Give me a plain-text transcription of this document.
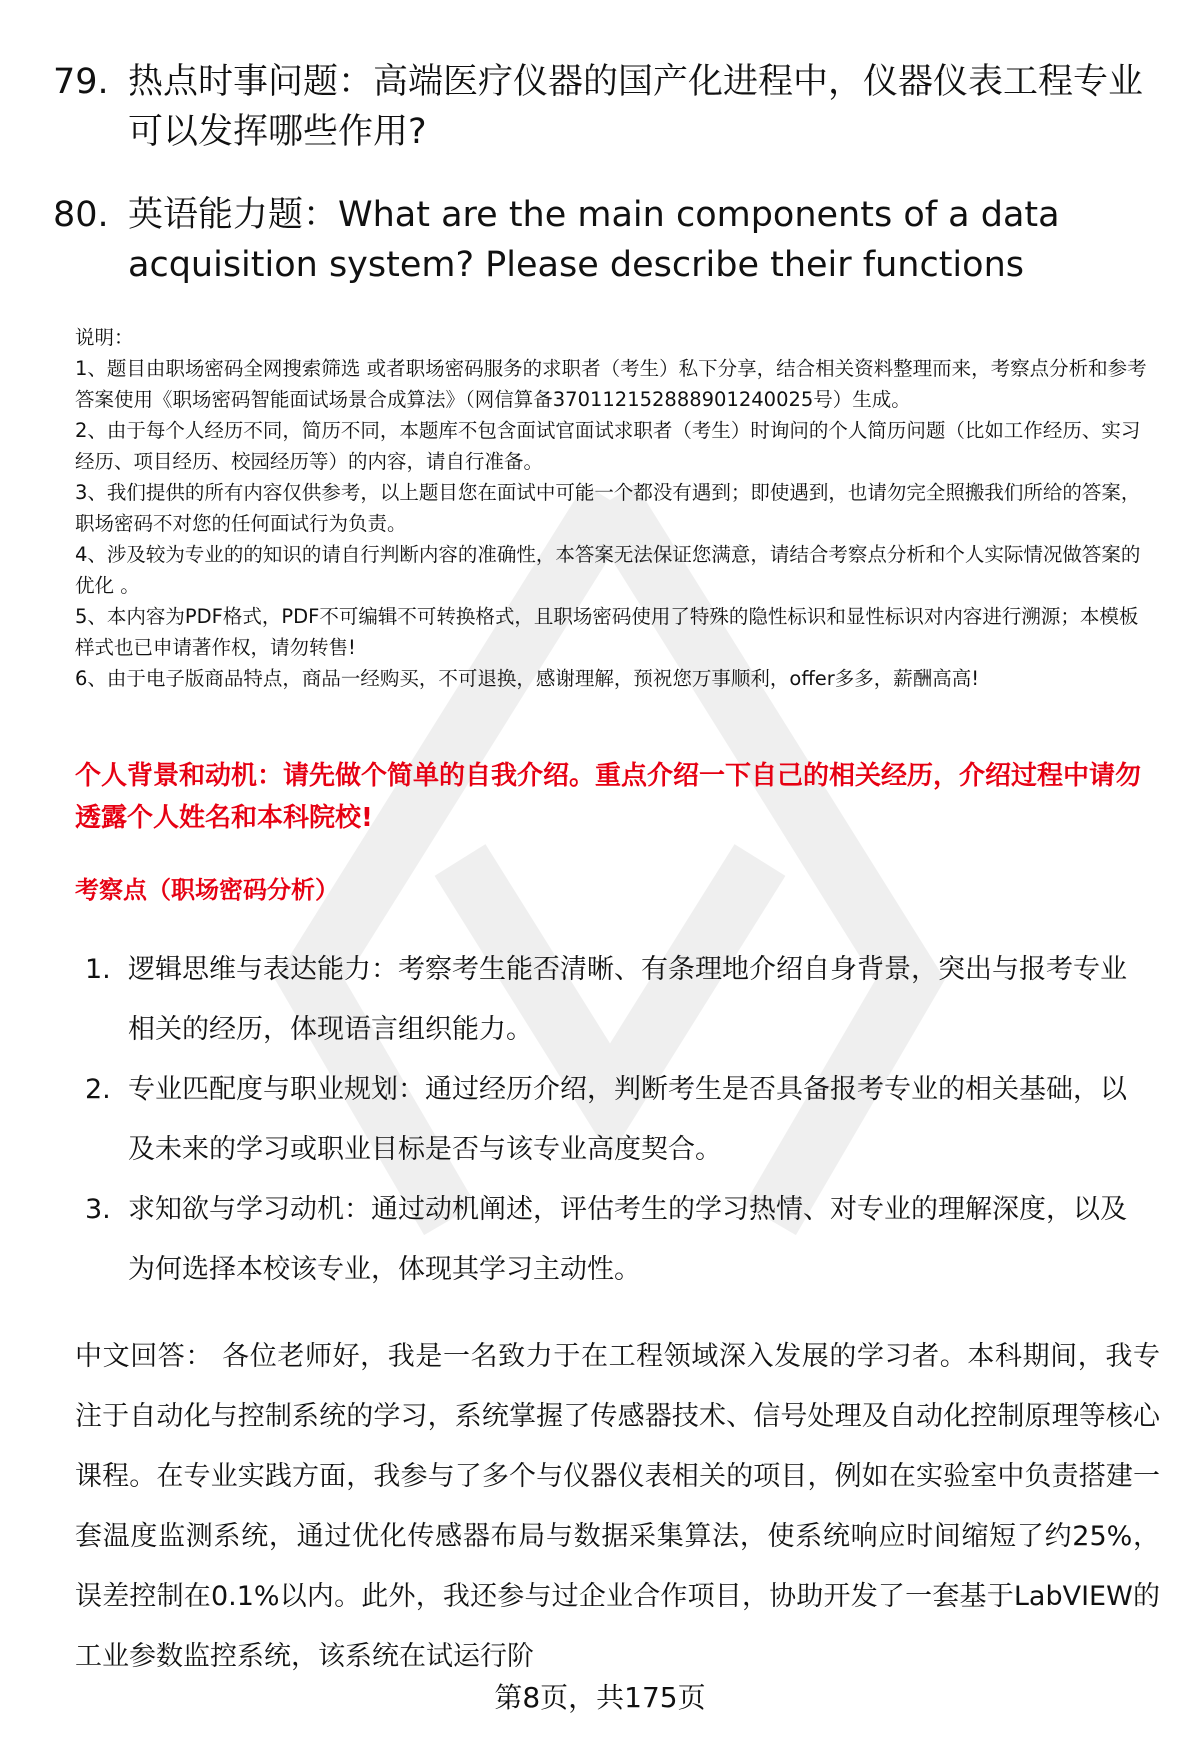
79. 热点时事问题：高端医疗仪器的国产化进程中，仪器仪表工程专业可以发挥哪些作用?
80. 英语能力题：What are the main components of a data acquisition system? Please describe their functions
说明：
1、题目由职场密码全网搜索筛选 或者职场密码服务的求职者（考生）私下分享，结合相关资料整理而来，考察点分析和参考答案使用《职场密码智能面试场景合成算法》（网信算备370112152888901240025号）生成。
2、由于每个人经历不同，简历不同，本题库不包含面试官面试求职者（考生）时询问的个人简历问题（比如工作经历、实习经历、项目经历、校园经历等）的内容，请自行准备。
3、我们提供的所有内容仅供参考，以上题目您在面试中可能一个都没有遇到；即使遇到，也请勿完全照搬我们所给的答案，职场密码不对您的任何面试行为负责。
4、涉及较为专业的的知识的请自行判断内容的准确性，本答案无法保证您满意，请结合考察点分析和个人实际情况做答案的优化 。
5、本内容为PDF格式，PDF不可编辑不可转换格式，且职场密码使用了特殊的隐性标识和显性标识对内容进行溯源；本模板样式也已申请著作权，请勿转售!
6、由于电子版商品特点，商品一经购买，不可退换，感谢理解，预祝您万事顺利，offer多多，薪酬高高!
个人背景和动机：请先做个简单的自我介绍。重点介绍一下自己的相关经历，介绍过程中请勿透露个人姓名和本科院校!
考察点（职场密码分析）
1. 逻辑思维与表达能力：考察考生能否清晰、有条理地介绍自身背景，突出与报考专业相关的经历，体现语言组织能力。
2. 专业匹配度与职业规划：通过经历介绍，判断考生是否具备报考专业的相关基础，以及未来的学习或职业目标是否与该专业高度契合。
3. 求知欲与学习动机：通过动机阐述，评估考生的学习热情、对专业的理解深度，以及为何选择本校该专业，体现其学习主动性。
中文回答： 各位老师好，我是一名致力于在工程领域深入发展的学习者。本科期间，我专注于自动化与控制系统的学习，系统掌握了传感器技术、信号处理及自动化控制原理等核心课程。在专业实践方面，我参与了多个与仪器仪表相关的项目，例如在实验室中负责搭建一套温度监测系统，通过优化传感器布局与数据采集算法，使系统响应时间缩短了约25%，误差控制在0.1%以内。此外，我还参与过企业合作项目，协助开发了一套基于LabVIEW的工业参数监控系统，该系统在试运行阶
第8页，共175页
